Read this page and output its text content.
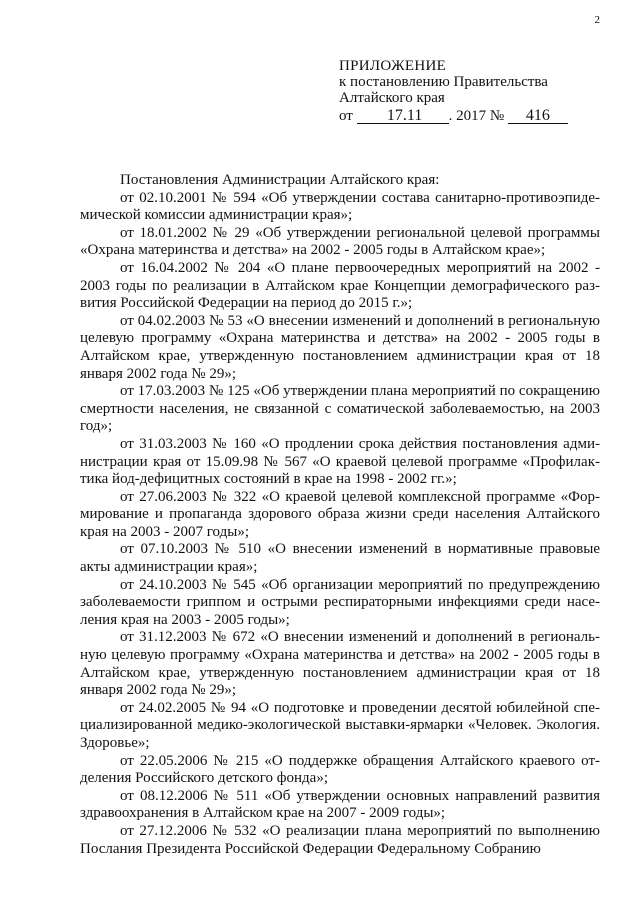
2
ПРИЛОЖЕНИЕ
к постановлению Правительства
Алтайского края
от 17.11 . 2017 № 416

Постановления Администрации Алтайского края:

от 02.10.2001 № 594 «Об утверждении состава санитарно-противоэпидемической комиссии администрации края»;

от 18.01.2002 № 29 «Об утверждении региональной целевой программы «Охрана материнства и детства» на 2002 - 2005 годы в Алтайском крае»;

от 16.04.2002 № 204 «О плане первоочередных мероприятий на 2002 - 2003 годы по реализации в Алтайском крае Концепции демографического развития Российской Федерации на период до 2015 г.»;

от 04.02.2003 № 53 «О внесении изменений и дополнений в региональную целевую программу «Охрана материнства и детства» на 2002 - 2005 годы в Алтайском крае, утвержденную постановлением администрации края от 18 января 2002 года № 29»;

от 17.03.2003 № 125 «Об утверждении плана мероприятий по сокращению смертности населения, не связанной с соматической заболеваемостью, на 2003 год»;

от 31.03.2003 № 160 «О продлении срока действия постановления администрации края от 15.09.98 № 567 «О краевой целевой программе «Профилактика йод-дефицитных состояний в крае на 1998 - 2002 гг.»;

от 27.06.2003 № 322 «О краевой целевой комплексной программе «Формирование и пропаганда здорового образа жизни среди населения Алтайского края на 2003 - 2007 годы»;

от 07.10.2003 № 510 «О внесении изменений в нормативные правовые акты администрации края»;

от 24.10.2003 № 545 «Об организации мероприятий по предупреждению заболеваемости гриппом и острыми респираторными инфекциями среди населения края на 2003 - 2005 годы»;

от 31.12.2003 № 672 «О внесении изменений и дополнений в региональную целевую программу «Охрана материнства и детства» на 2002 - 2005 годы в Алтайском крае, утвержденную постановлением администрации края от 18 января 2002 года № 29»;

от 24.02.2005 № 94 «О подготовке и проведении десятой юбилейной специализированной медико-экологической выставки-ярмарки «Человек. Экология. Здоровье»;

от 22.05.2006 № 215 «О поддержке обращения Алтайского краевого отделения Российского детского фонда»;

от 08.12.2006 № 511 «Об утверждении основных направлений развития здравоохранения в Алтайском крае на 2007 - 2009 годы»;

от 27.12.2006 № 532 «О реализации плана мероприятий по выполнению Послания Президента Российской Федерации Федеральному Собранию
